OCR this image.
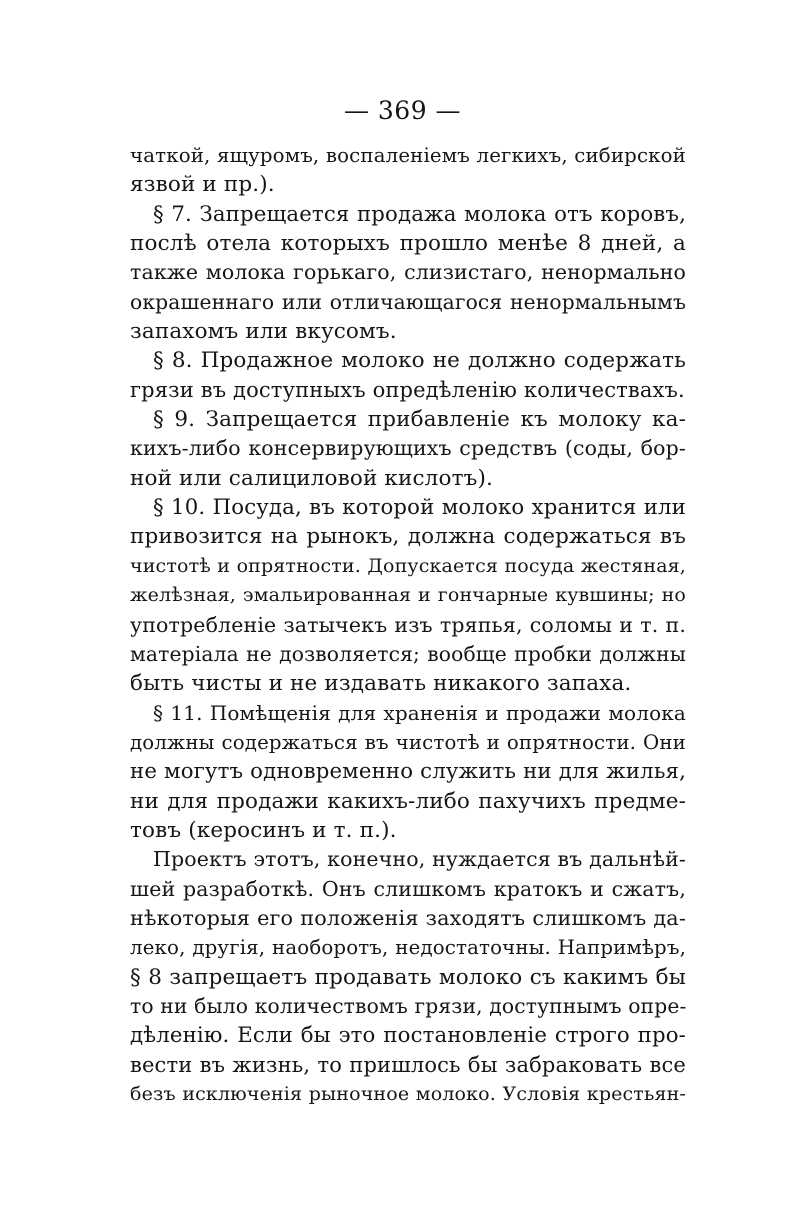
— 369 —
чаткой, ящуромъ, воспаленіемъ легкихъ, сибирской
язвой и пр.).
§ 7. Запрещается продажа молока отъ коровъ,
послѣ отела которыхъ прошло менѣе 8 дней, а
также молока горькаго, слизистаго, ненормально
окрашеннаго или отличающагося ненормальнымъ
запахомъ или вкусомъ.
§ 8. Продажное молоко не должно содержать
грязи въ доступныхъ опредѣленію количествахъ.
§ 9. Запрещается прибавленіе къ молоку ка-
кихъ-либо консервирующихъ средствъ (соды, бор-
ной или салициловой кислотъ).
§ 10. Посуда, въ которой молоко хранится или
привозится на рынокъ, должна содержаться въ
чистотѣ и опрятности. Допускается посуда жестяная,
желѣзная, эмальированная и гончарные кувшины; но
употребленіе затычекъ изъ тряпья, соломы и т. п.
матеріала не дозволяется; вообще пробки должны
быть чисты и не издавать никакого запаха.
§ 11. Помѣщенія для храненія и продажи молока
должны содержаться въ чистотѣ и опрятности. Они
не могутъ одновременно служить ни для жилья,
ни для продажи какихъ-либо пахучихъ предме-
товъ (керосинъ и т. п.).
Проектъ этотъ, конечно, нуждается въ дальнѣй-
шей разработкѣ. Онъ слишкомъ кратокъ и сжатъ,
нѣкоторыя его положенія заходятъ слишкомъ да-
леко, другія, наоборотъ, недостаточны. Напримѣръ,
§ 8 запрещаетъ продавать молоко съ какимъ бы
то ни было количествомъ грязи, доступнымъ опре-
дѣленію. Если бы это постановленіе строго про-
вести въ жизнь, то пришлось бы забраковать все
безъ исключенія рыночное молоко. Условія крестьян-
